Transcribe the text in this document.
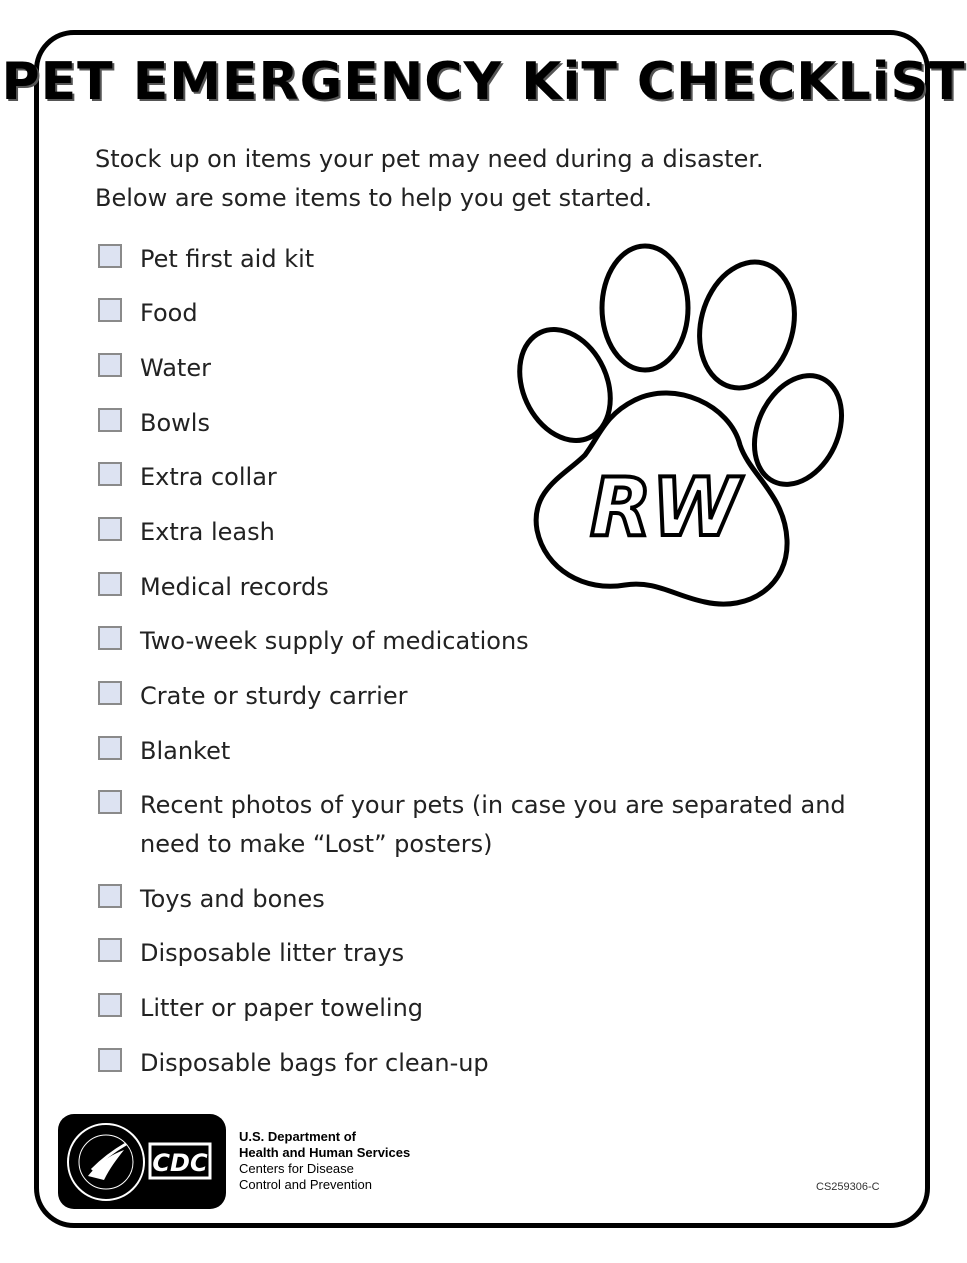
PET EMERGENCY KiT CHECKLiST
Stock up on items your pet may need during a disaster.
Below are some items to help you get started.
Pet first aid kit
Food
Water
Bowls
Extra collar
Extra leash
Medical records
Two-week supply of medications
Crate or sturdy carrier
Blanket
Recent photos of your pets (in case you are separated and need to make “Lost” posters)
Toys and bones
Disposable litter trays
Litter or paper toweling
Disposable bags for clean-up
RW
CDC
U.S. Department of
Health and Human Services
Centers for Disease
Control and Prevention	CS259306-C
